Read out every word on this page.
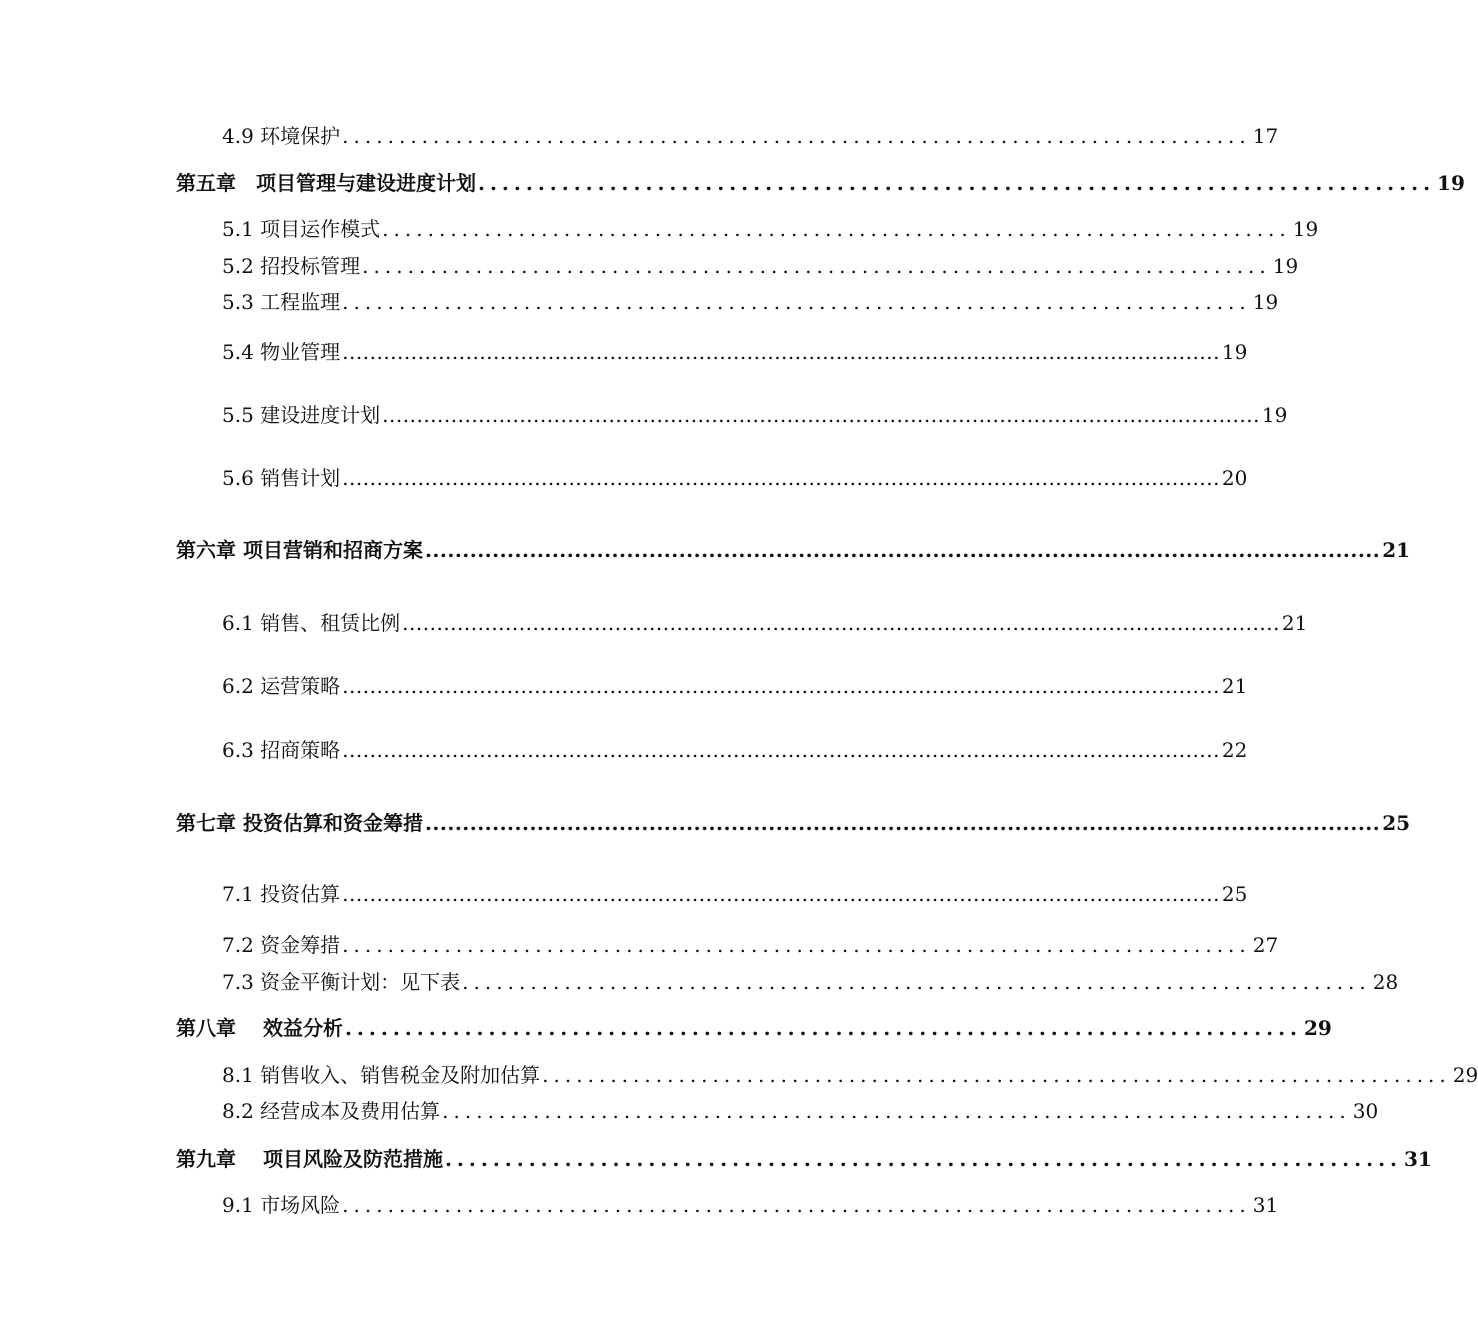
4.9 环境保护 ................................................................................ 17
第五章　项目管理与建设进度计划 ................................................................................ 19
5.1 项目运作模式 ................................................................................ 19
5.2 招投标管理 ................................................................................ 19
5.3 工程监理 ................................................................................ 19
5.4 物业管理 ................................................................................................................................ 19
5.5 建设进度计划 ................................................................................................................................ 19
5.6 销售计划 ................................................................................................................................ 20
第六章 项目营销和招商方案 ................................................................................................................................ 21
6.1 销售、租赁比例 ................................................................................................................................ 21
6.2 运营策略 ................................................................................................................................ 21
6.3 招商策略 ................................................................................................................................ 22
第七章 投资估算和资金筹措 ................................................................................................................................ 25
7.1 投资估算 ................................................................................................................................ 25
7.2 资金筹措 ................................................................................ 27
7.3 资金平衡计划：见下表 ................................................................................ 28
第八章　 效益分析 ................................................................................ 29
8.1 销售收入、销售税金及附加估算 ................................................................................ 29
8.2 经营成本及费用估算 ................................................................................ 30
第九章　 项目风险及防范措施 ................................................................................ 31
9.1 市场风险 ................................................................................ 31
